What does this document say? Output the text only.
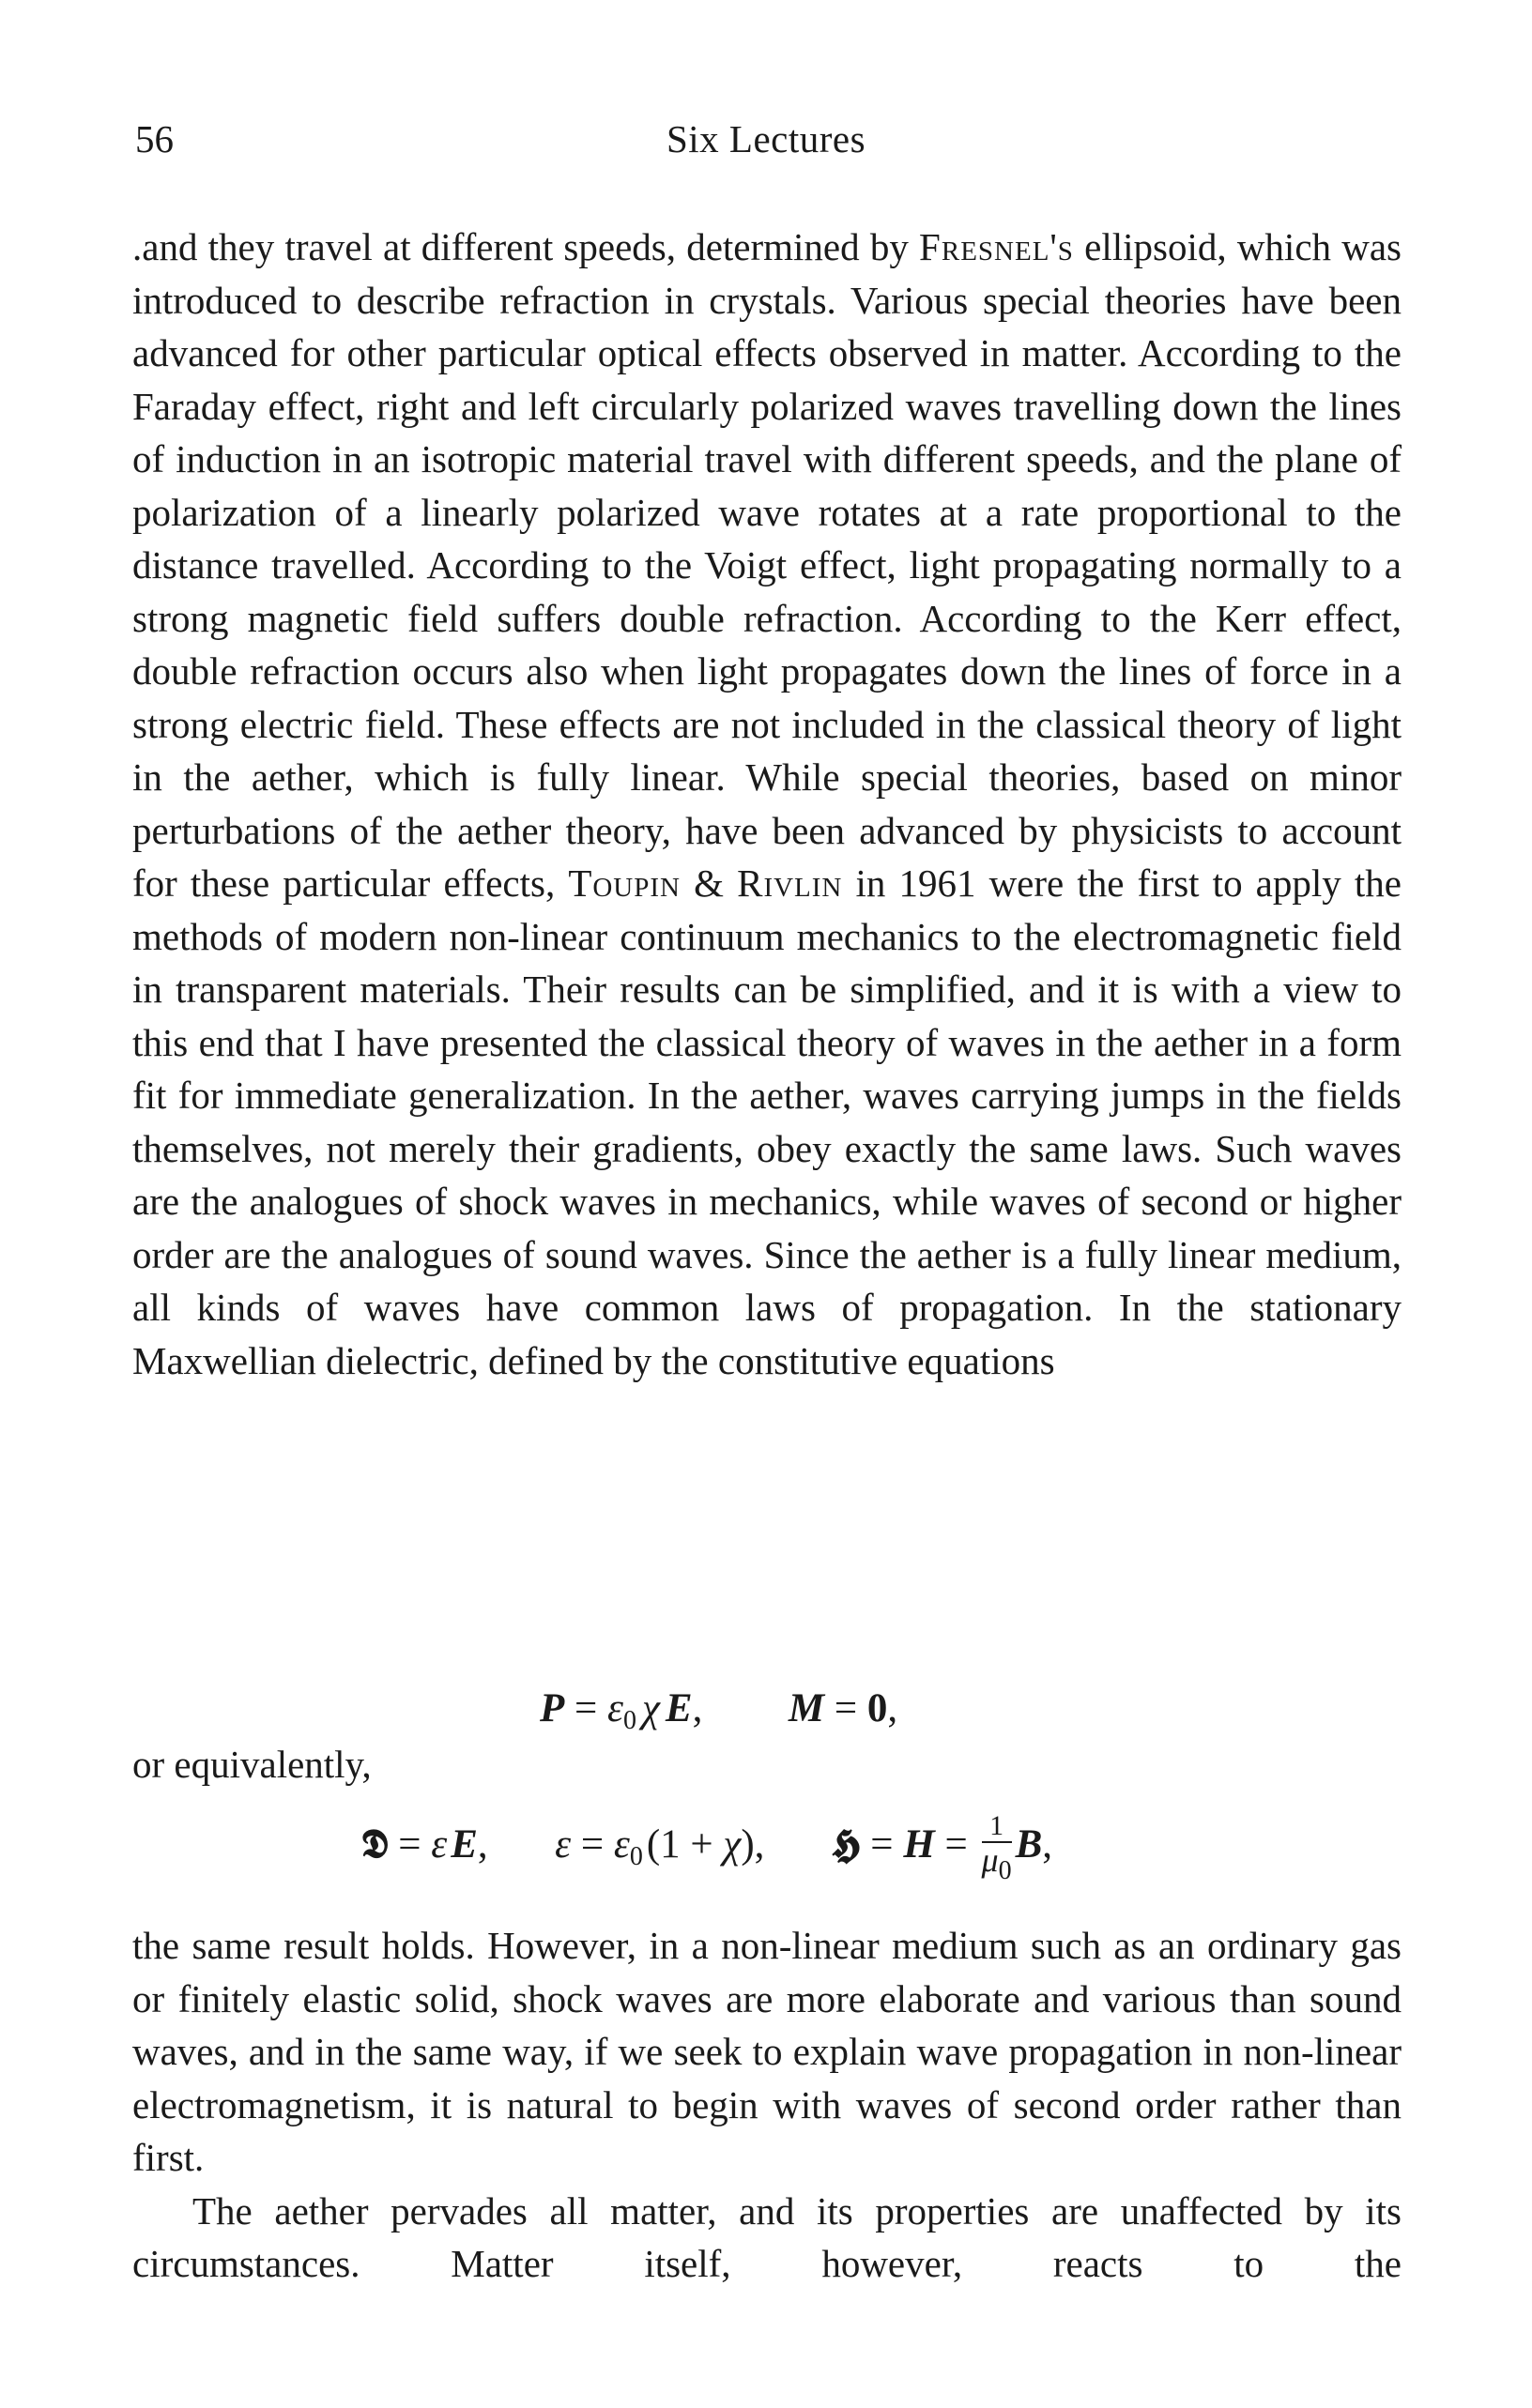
56	Six Lectures

.and they travel at different speeds, determined by Fresnel's ellipsoid, which was introduced to describe refraction in crystals. Various special theories have been advanced for other particular optical effects observed in matter. According to the Faraday effect, right and left circularly polarized waves travelling down the lines of induction in an isotropic material travel with different speeds, and the plane of polarization of a linearly polarized wave rotates at a rate proportional to the distance travelled. According to the Voigt effect, light propagating normally to a strong magnetic field suffers double refraction. According to the Kerr effect, double refraction occurs also when light propagates down the lines of force in a strong electric field. These effects are not included in the classical theory of light in the aether, which is fully linear. While special theories, based on minor perturbations of the aether theory, have been advanced by physicists to account for these particular effects, Toupin & Rivlin in 1961 were the first to apply the methods of modern non-linear continuum mechanics to the electromagnetic field in transparent materials. Their results can be simplified, and it is with a view to this end that I have presented the classical theory of waves in the aether in a form fit for immediate generalization. In the aether, waves carrying jumps in the fields themselves, not merely their gradients, obey exactly the same laws. Such waves are the analogues of shock waves in mechanics, while waves of second or higher order are the analogues of sound waves. Since the aether is a fully linear medium, all kinds of waves have common laws of propagation. In the stationary Maxwellian dielectric, defined by the constitutive equations

$P = \varepsilon_0$ χ E, M = 0,
or equivalently,
𝕯 = εE, $\varepsilon = \varepsilon_0(1 + \chi)$, 𝕳 = $H = \frac{1}{\mu_0} B$,

the same result holds. However, in a non-linear medium such as an ordinary gas or finitely elastic solid, shock waves are more elaborate and various than sound waves, and in the same way, if we seek to explain wave propagation in non-linear electromagnetism, it is natural to begin with waves of second order rather than first.

The aether pervades all matter, and its properties are unaffected by its circumstances. Matter itself, however, reacts to the
